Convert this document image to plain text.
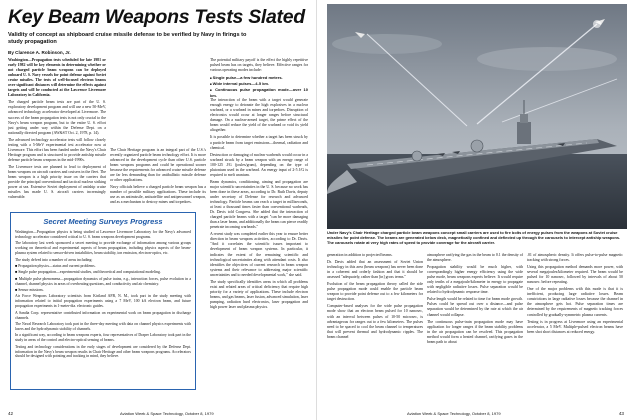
Key Beam Weapons Tests Slated
Validity of concept as shipboard cruise missile defense to be verified by Navy in firings to study propagation
By Clarence A. Robinson, Jr.

Washington—Propagation tests scheduled for late 1981 or early 1982 will be key elements in determining whether or not charged particle beam weapons can be deployed onboard U. S. Navy vessels for point defense against Soviet cruise missiles. The tests of well-focused electron beams over significant distances will determine the effects against targets and will be conducted at the Lawrence Livermore Laboratory in California.

The charged particle beam tests are part of the U. S. exploratory development program and will use a new 50-MeV, advanced technology accelerator developed at Livermore. The success of the beam propagation tests is not only crucial to the Navy's beam weapon program, but to the entire U. S. effort just getting under way within the Defense Dept. on a nationally directed program (AW&ST Oct. 2, 1978, p. 14).

The advanced technology accelerator tests will follow closely testing with a 5-MeV experimental test accelerator now at Livermore. This effort has been funded under the Navy's Chair Heritage program and is structured to provide antiship missile defense particle beam weapons in the mid-1990s.

The Livermore tests are planned to lead to deployment of beam weapons on aircraft carriers and cruisers in the fleet. The beam weapon is a high priority issue on the carriers that provide the principal conventional and tactical nuclear striking power at sea. Extensive Soviet deployment of antiship cruise missiles has made U. S. aircraft carriers increasingly vulnerable.

The Chair Heritage program is an integral part of the U.S.'s recently organized particle beam technology effort. It is more advanced in the development cycle than other U.S. particle beam weapons programs and could be operational sooner because the requirements for advanced cruise missile defense are far less demanding than for antiballistic missile defense or other applications.

Navy officials believe a charged particle beam weapon has a number of possible military applications. These include its use as an antimissile, antisatellite and antipersonnel weapon, and as a mechanism to destroy mines and torpedoes.

The potential military payoff is the effect the highly repetitive pulsed beam has on targets, they believe. Effective ranges for various operating modes include:

■ Single pulse—a few hundred meters.
■ Wide interval pulses—4-5 km.
■ Continuous pulse propagation mode—over 10 km.

The interaction of the beam with a target would generate enough energy to detonate the high explosives in a nuclear warhead, or a warhead in mines and torpedoes. Disruption of electronics would occur at longer ranges before structural damage. On a nuclear-armed target, the prime effect of the beam would reduce the yield of the warhead or void its yield altogether.

It is possible to determine whether a target has been struck by a particle beam from target emissions—thermal, radiation and chemical.

Destruction or damaging of nuclear warheads would occur in a warhead struck by a beam weapon with an energy range of 100-125 J/G (joules/gram), depending on the type of plutonium used in the warhead. An energy input of 2-5 J/G is required to melt uranium.

Beam dynamics, conditioning, aiming and propagation are major scientific uncertainties in the U. S. because no work has been done in these areas, according to Dr. Ruth Davis, deputy under secretary of Defense for research and advanced technology. Particle beams can reach a target in milliseconds, at least a thousand times faster than conventional warheads, Dr. Davis told Congress. She added that the interaction of charged particle beams with a target "can be more damaging than a laser beam, and additionally the beam can pierce readily penetrate incoming warheads."

A recent study was completed earlier this year to ensure better direction in beam weapons activities, according to Dr. Davis. "And it correlates the scientific issues important to development of beam weapon systems. In particular, it indicates the extent of the remaining scientific and technological uncertainties along with attendant costs. It also identifies the objectives of current research in beam weapon systems and their relevance to addressing major scientific uncertainties and to needed developmental work," she said.

The study specifically identifies areas in which all problems exist and related areas of critical deficiency that require high priority for a variety of applications. These include electron beams, and gas beams, laser fusion, advanced simulation, laser pumping, radiation hard electronics, laser propagation and high power laser and plasma physics.

Secret Meeting Surveys Progress

Washington—Propagation physics is being studied at Lawrence Livermore Laboratory for the Navy's advanced technology accelerator considered critical to U. S. beam weapons development programs.

The laboratory last week sponsored a secret meeting to provide exchange of information among various groups working on theoretical and experimental aspects of beam propagation, including physics aspects of the beam-plasma system related to sensor-driven instabilities, beam stability, ion emission, electron-optics, etc.

The study delved into a number of areas including:

■ Propagation physics—status and current problems.

■ Single pulse propagation—experimental studies, and theoretical and computational modeling.

■ Multiple pulse phenomena—propagation dynamics of pulse trains, e.g., interaction forces, pulse evolution in a channel, channel physics in areas of overheating questions, and conductivity and air chemistry.

■ Sensor missions.

Air Force Weapons Laboratory scientists from Kirtland AFB, N. M., took part in the study meeting with information related to initial propagation experiments using a 7 MeV, 100 kA electron beam, and future propagation experiments in 1-meter-dia. electronic guides.

A Sandia Corp. representative contributed information on experimental work on beam propagation in discharge channels.

The Naval Research Laboratory took part in the three-day meeting with data on channel physics experiments with lasers and the hydrodynamic stability of channels.

In a significant way, according to beam weapons experts, four representatives of Draper Laboratory took part in the study in areas of the control and electro-optical sensing of beams.

Testing and technology considerations in the early stages of development are considered by the Defense Dept. information in the Navy's beam weapon results in Chair Heritage and other beam weapons programs. Accelerators should be designed with pointing and tracking in mind, they believe.

42	Aviation Week & Space Technology, October 8, 1979
Under Navy's Chair Heritage charged particle beam weapons concept small carriers are used to fire bolts of energy pulses from the weapons at Soviet cruise missiles for point defense. The beams are generated below deck, magnetically confined and deflected up through the carousels to intercept antiship weapons. The carousels rotate at very high rates of speed to provide coverage for the aircraft carrier.

generation in addition to projected beams.

Dr. Davis added that an assessment of Soviet Union technology in this area (beam weapons) has never been done in a coherent and orderly fashion and that it should be assessed "adequately, rather than [in] gross terms."

Evolution of the beam propagation theory called the side pulse propagation mode could enable the particle beam weapon to provide point defense out to a few kilometers for target destruction.

Computer-based analyses for the wide pulse propagation mode show that an electron beam pulsed for 10 nanosec, with an interval between pulses of 10-50 microsec, is advantageous for ranges out to a few kilometers. The pulses need to be spaced to cool the beam channel to temperatures that will prevent thermal and hydrodynamic ripples. The beam channel

atmosphere rarifying the gas in the beam to 0.1 the density of the atmosphere.

Propagation stability would be much higher, with correspondingly higher energy efficiency using the wide pulse mode, beam weapons experts believe. It would require only tenths of a megajoule/kilometer in energy to propagate with negligible radiative losses. Pulse separation would be related to hydrodynamic response time.

Pulse length would be related to time for beam mode growth. Pulses could be spread out over a distance—and pulse separation would be determined by the rate at which the air channel would collapse.

The continuous pulse-train propagation mode may have application for longer ranges if the beam stability problems in the air propagation can be resolved. This propagation method would form a heated channel, rarifying gases in the beam path to about

.01 of atmospheric density. It offers pulse-to-pulse magnetic tracking with strong forces.

Using this propagation method demands more power, with several megajoules/kilometer required. The beam would be pulsed for 10 nanosec, followed by intervals of about 50 nanosec. before repeating.

One of the major problems with this mode is that it is inefficient, producing large radiative losses. Beam constrictions in large radiative losses because the channel in the atmosphere gets hot. Pulse separation times are determined by the requirements of magnetic tracking forces controlled by gradually-symmetric plasma currents.

Testing is in progress at Livermore using an experimental accelerator, a 5 MeV. Multiple-pulsed electron beams have been shot short distances at reduced energy.

Aviation Week & Space Technology, October 8, 1979	43
